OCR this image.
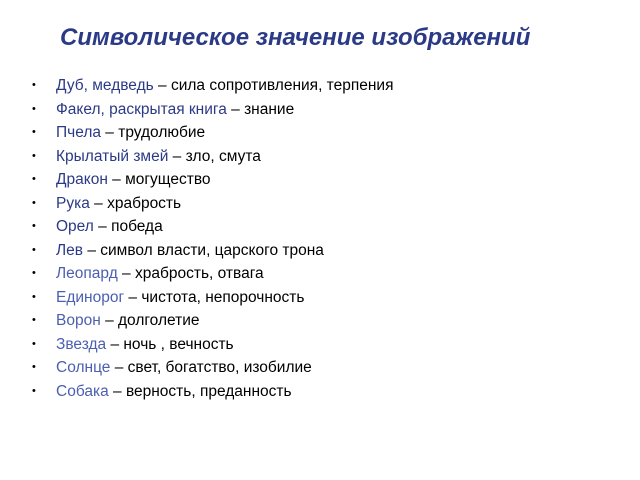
Символическое значение изображений
• Дуб, медведь – сила сопротивления, терпения
• Факел, раскрытая книга – знание
• Пчела – трудолюбие
• Крылатый змей – зло, смута
• Дракон – могущество
• Рука – храбрость
• Орел – победа
• Лев – символ власти, царского трона
• Леопард – храбрость, отвага
• Единорог – чистота, непорочность
• Ворон – долголетие
• Звезда – ночь , вечность
• Солнце – свет, богатство, изобилие
• Собака – верность, преданность
